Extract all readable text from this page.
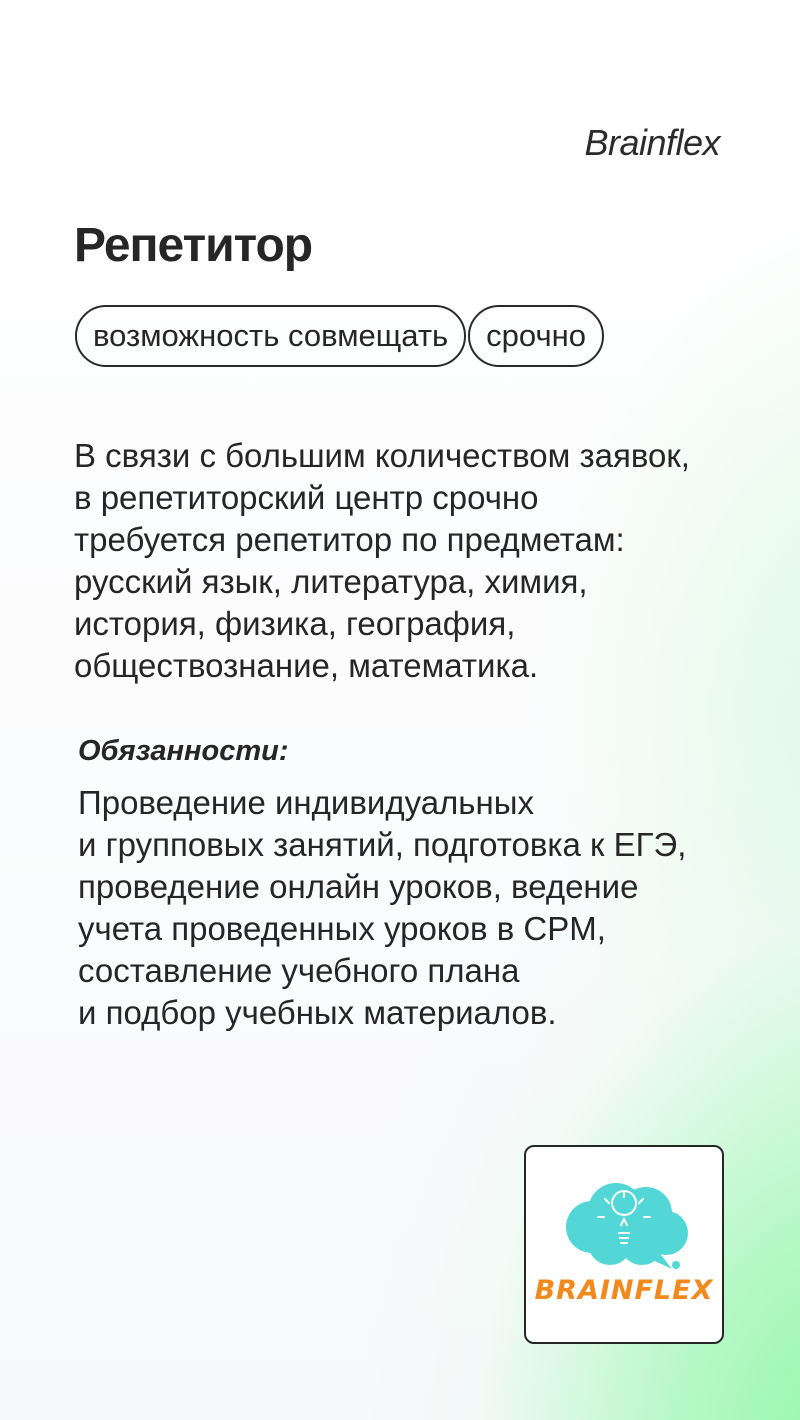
Brainflex

Репетитор
возможность совмещать	срочно

В связи с большим количеством заявок,
в репетиторский центр срочно
требуется репетитор по предметам:
русский язык, литература, химия,
история, физика, география,
обществознание, математика.

Обязанности:

Проведение индивидуальных
и групповых занятий, подготовка к ЕГЭ,
проведение онлайн уроков, ведение
учета проведенных уроков в CPM,
составление учебного плана
и подбор учебных материалов.

BRAINFLEX
